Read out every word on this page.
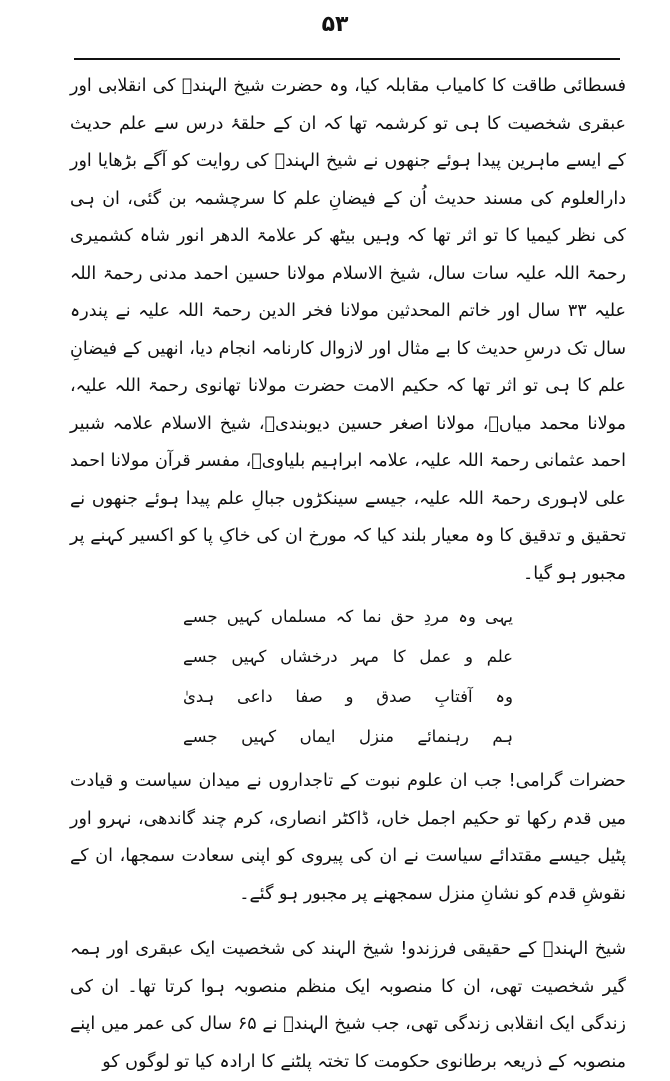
۵۳

فسطائی طاقت کا کامیاب مقابلہ کیا، وہ حضرت شیخ الہندؒ کی انقلابی اور عبقری شخصیت کا ہی تو کرشمہ تھا کہ ان کے حلقۂ درس سے علم حدیث کے ایسے ماہرین پیدا ہوئے جنھوں نے شیخ الہندؒ کی روایت کو آگے بڑھایا اور دارالعلوم کی مسند حدیث اُن کے فیضانِ علم کا سرچشمہ بن گئی، ان ہی کی نظر کیمیا کا تو اثر تھا کہ وہیں بیٹھ کر علامۃ الدھر انور شاہ کشمیری رحمۃ اللہ علیہ سات سال، شیخ الاسلام مولانا حسین احمد مدنی رحمۃ اللہ علیہ ۳۳ سال اور خاتم المحدثین مولانا فخر الدین رحمۃ اللہ علیہ نے پندرہ سال تک درسِ حدیث کا بے مثال اور لازوال کارنامہ انجام دیا، انھیں کے فیضانِ علم کا ہی تو اثر تھا کہ حکیم الامت حضرت مولانا تھانوی رحمۃ اللہ علیہ، مولانا محمد میاںؒ، مولانا اصغر حسین دیوبندیؒ، شیخ الاسلام علامہ شبیر احمد عثمانی رحمۃ اللہ علیہ، علامہ ابراہیم بلیاویؒ، مفسر قرآن مولانا احمد علی لاہوری رحمۃ اللہ علیہ، جیسے سینکڑوں جبالِ علم پیدا ہوئے جنھوں نے تحقیق و تدقیق کا وہ معیار بلند کیا کہ مورخ ان کی خاکِ پا کو اکسیر کہنے پر مجبور ہو گیا۔

یہی وہ مردِ حق نما کہ مسلماں کہیں جسے
علم و عمل کا مہر درخشاں کہیں جسے
وہ آفتابِ صدق و صفا داعی ہدیٰ
ہم رہنمائے منزل ایماں کہیں جسے

حضرات گرامی! جب ان علوم نبوت کے تاجداروں نے میدان سیاست و قیادت میں قدم رکھا تو حکیم اجمل خاں، ڈاکٹر انصاری، کرم چند گاندھی، نہرو اور پٹیل جیسے مقتدائے سیاست نے ان کی پیروی کو اپنی سعادت سمجھا، ان کے نقوشِ قدم کو نشانِ منزل سمجھنے پر مجبور ہو گئے۔

شیخ الہندؒ کے حقیقی فرزندو! شیخ الہند کی شخصیت ایک عبقری اور ہمہ گیر شخصیت تھی، ان کا منصوبہ ایک منظم منصوبہ ہوا کرتا تھا۔ ان کی زندگی ایک انقلابی زندگی تھی، جب شیخ الہندؒ نے ۶۵ سال کی عمر میں اپنے منصوبہ کے ذریعہ برطانوی حکومت کا تختہ پلٹنے کا ارادہ کیا تو لوگوں کو
